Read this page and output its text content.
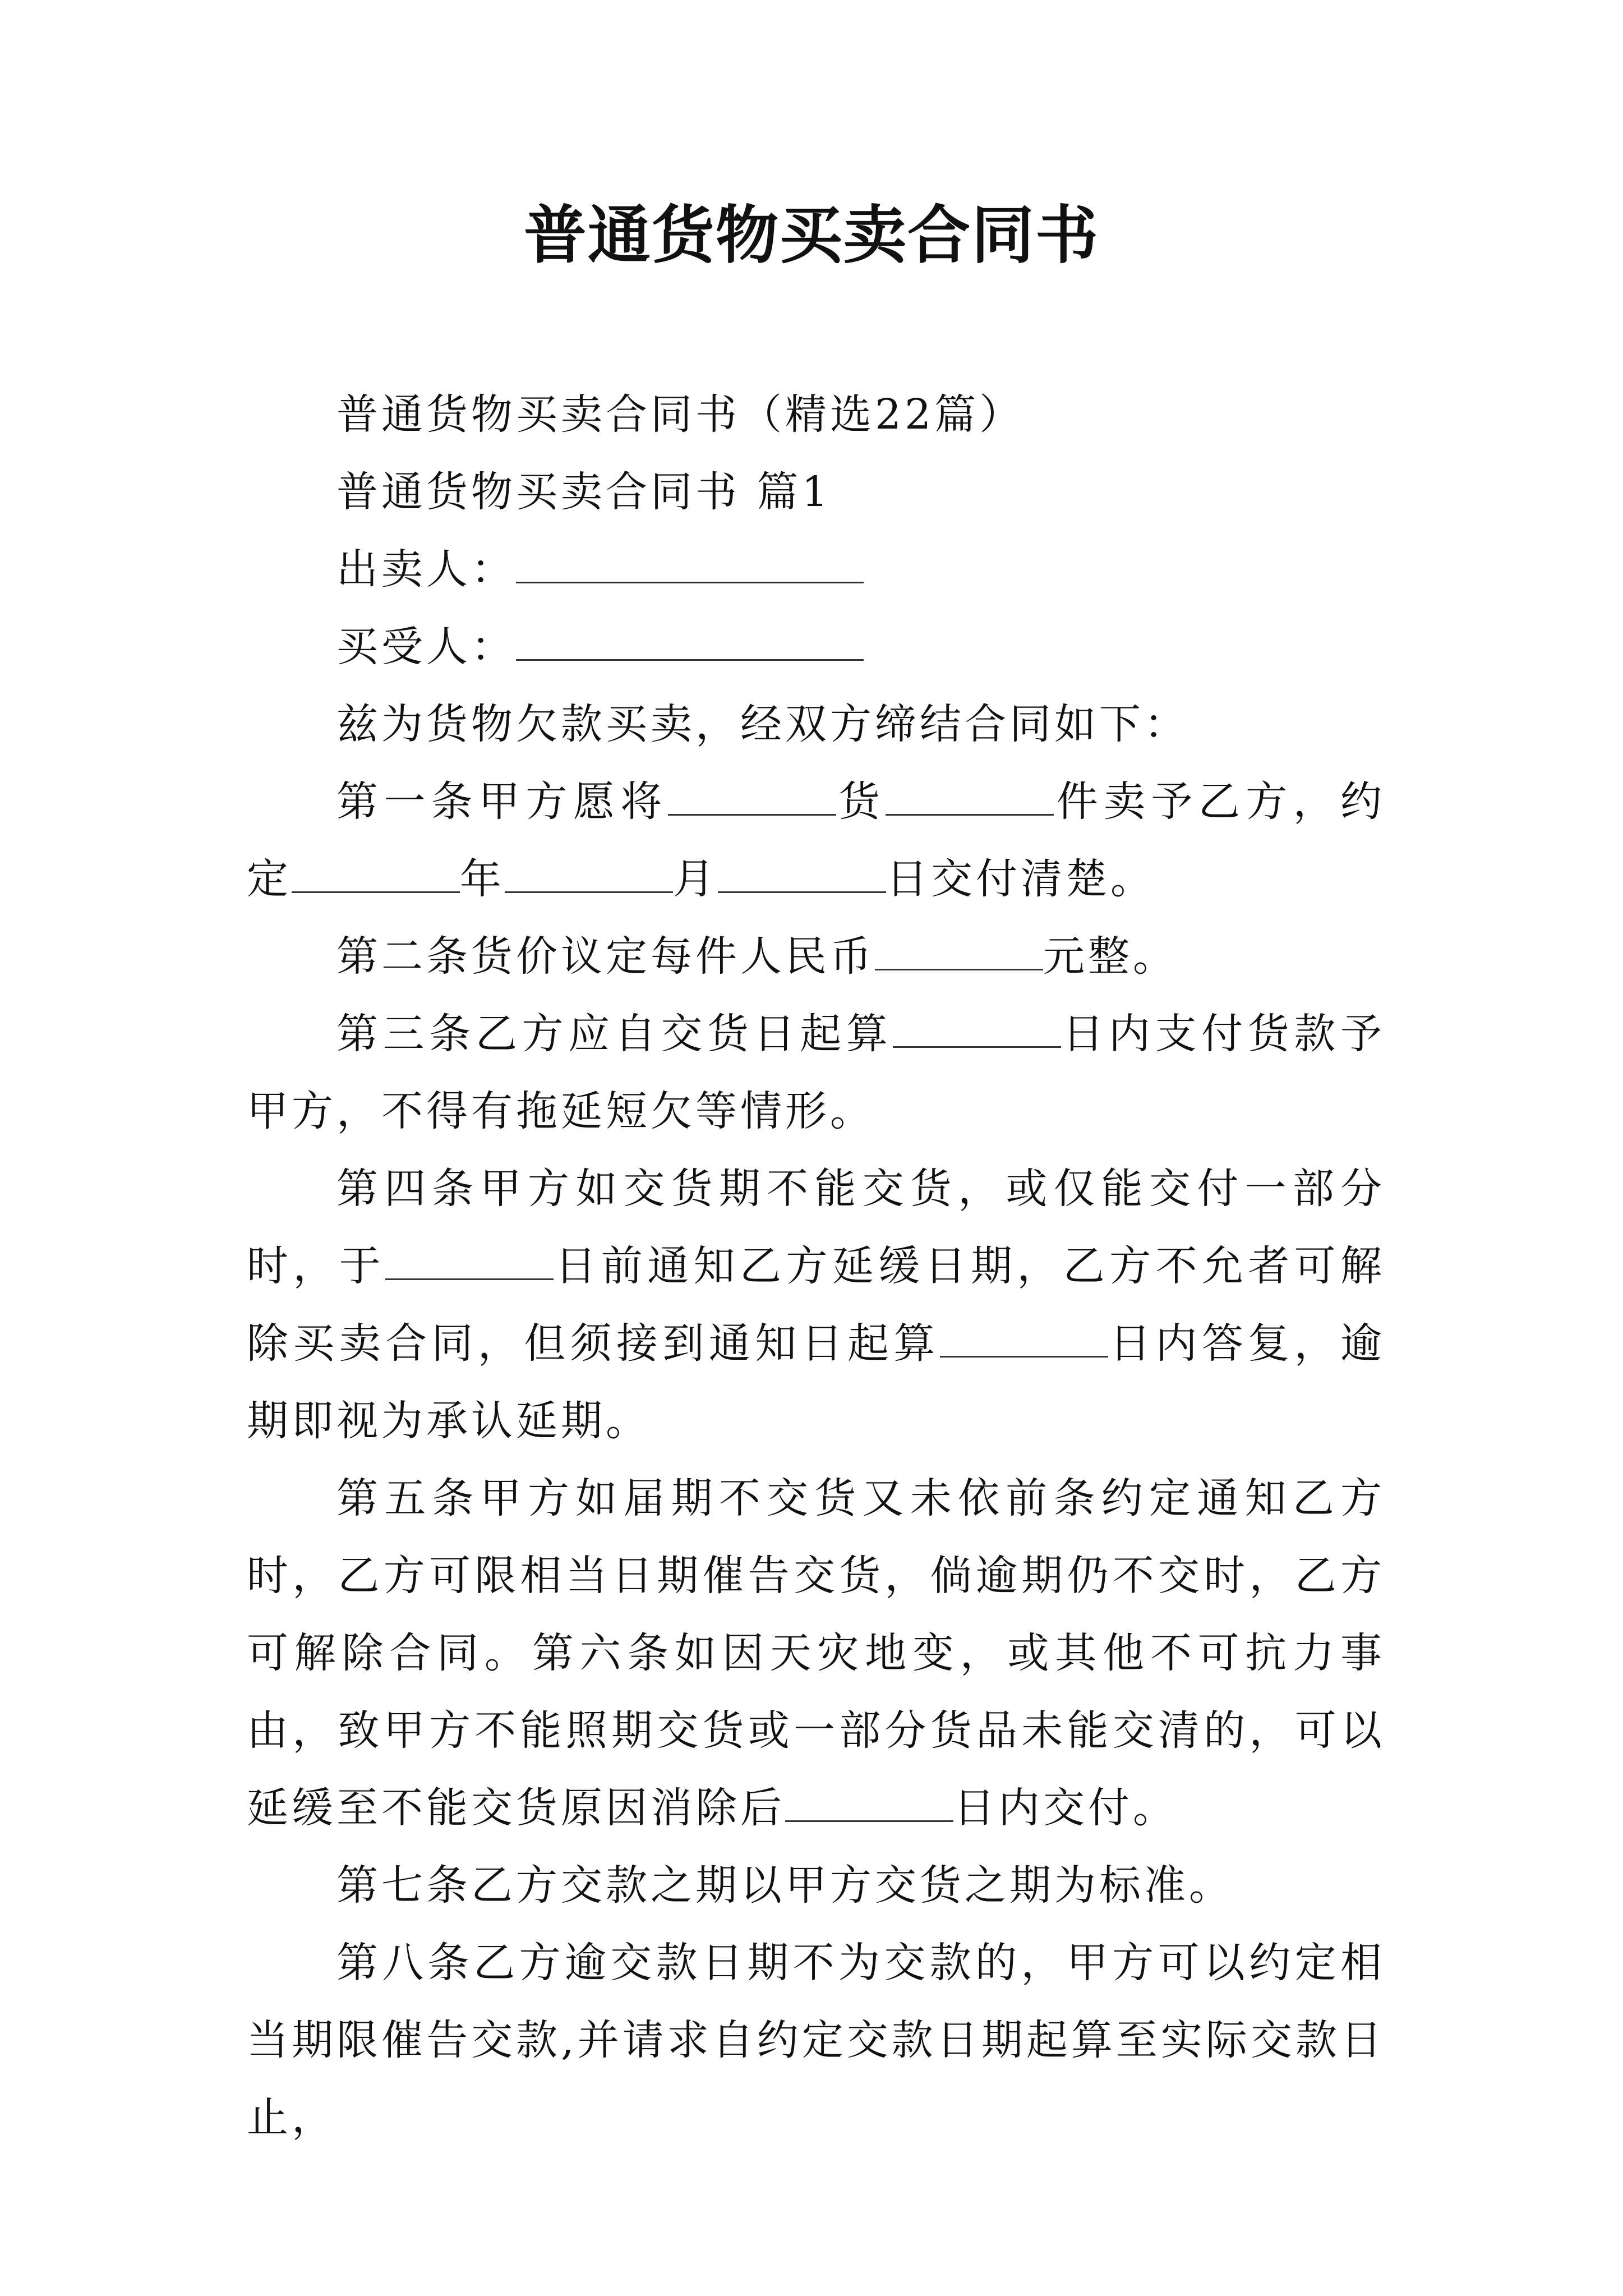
普通货物买卖合同书

普通货物买卖合同书（精选22篇）

普通货物买卖合同书 篇1

出卖人：

买受人：

兹为货物欠款买卖，经双方缔结合同如下：

第一条甲方愿将	货	件卖予乙方，约定	年	月	日交付清楚。

第二条货价议定每件人民币	元整。

第三条乙方应自交货日起算	日内支付货款予甲方，不得有拖延短欠等情形。

第四条甲方如交货期不能交货，或仅能交付一部分时，于	日前通知乙方延缓日期，乙方不允者可解除买卖合同，但须接到通知日起算	日内答复，逾期即视为承认延期。

第五条甲方如届期不交货又未依前条约定通知乙方时，乙方可限相当日期催告交货，倘逾期仍不交时，乙方可解除合同。第六条如因天灾地变，或其他不可抗力事由，致甲方不能照期交货或一部分货品未能交清的，可以延缓至不能交货原因消除后	日内交付。

第七条乙方交款之期以甲方交货之期为标准。

第八条乙方逾交款日期不为交款的，甲方可以约定相当期限催告交款,并请求自约定交款日期起算至实际交款日止，
